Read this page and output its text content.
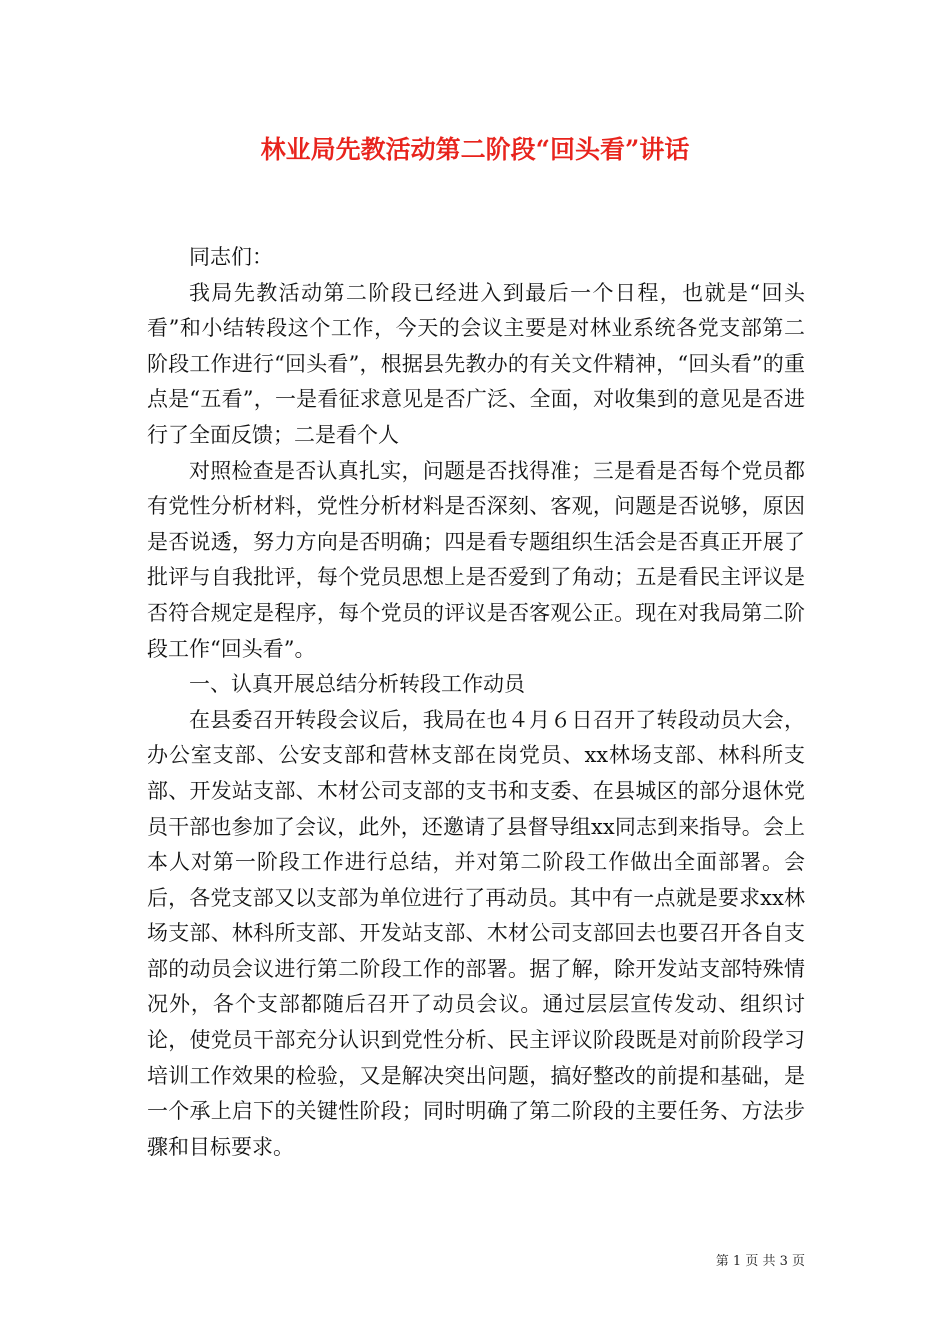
林业局先教活动第二阶段“回头看”讲话

同志们：

我局先教活动第二阶段已经进入到最后一个日程，也就是“回头看”和小结转段这个工作，今天的会议主要是对林业系统各党支部第二阶段工作进行“回头看”，根据县先教办的有关文件精神，“回头看”的重点是“五看”，一是看征求意见是否广泛、全面，对收集到的意见是否进行了全面反馈；二是看个人

对照检查是否认真扎实，问题是否找得准；三是看是否每个党员都有党性分析材料，党性分析材料是否深刻、客观，问题是否说够，原因是否说透，努力方向是否明确；四是看专题组织生活会是否真正开展了批评与自我批评，每个党员思想上是否爱到了角动；五是看民主评议是否符合规定是程序，每个党员的评议是否客观公正。现在对我局第二阶段工作“回头看”。

一、认真开展总结分析转段工作动员

在县委召开转段会议后，我局在也４月６日召开了转段动员大会，办公室支部、公安支部和营林支部在岗党员、xx林场支部、林科所支部、开发站支部、木材公司支部的支书和支委、在县城区的部分退休党员干部也参加了会议，此外，还邀请了县督导组xx同志到来指导。会上本人对第一阶段工作进行总结，并对第二阶段工作做出全面部署。会后，各党支部又以支部为单位进行了再动员。其中有一点就是要求xx林场支部、林科所支部、开发站支部、木材公司支部回去也要召开各自支部的动员会议进行第二阶段工作的部署。据了解，除开发站支部特殊情况外，各个支部都随后召开了动员会议。通过层层宣传发动、组织讨论，使党员干部充分认识到党性分析、民主评议阶段既是对前阶段学习培训工作效果的检验，又是解决突出问题，搞好整改的前提和基础，是一个承上启下的关键性阶段；同时明确了第二阶段的主要任务、方法步骤和目标要求。

第 1 页 共 3 页
